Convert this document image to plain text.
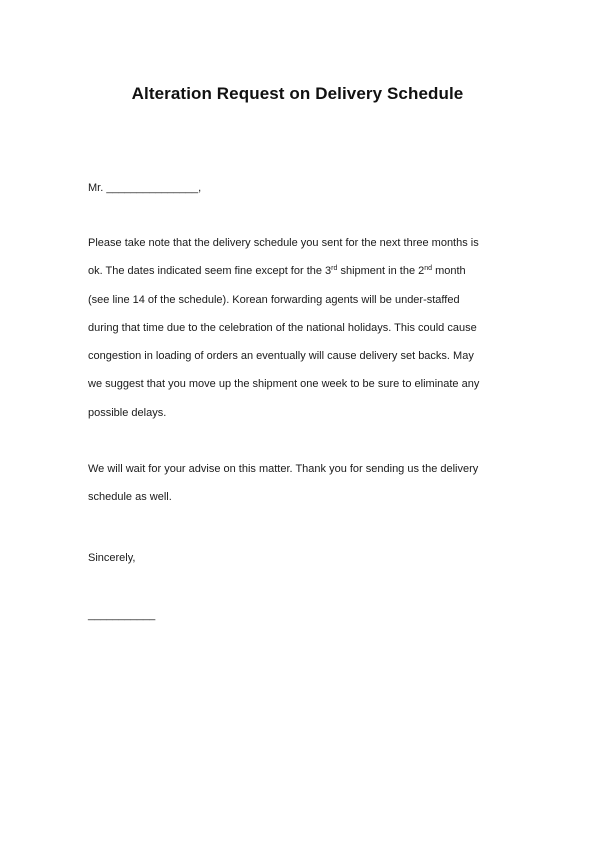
Alteration Request on Delivery Schedule
Mr. _______________,
Please take note that the delivery schedule you sent for the next three months is
ok. The dates indicated seem fine except for the 3rd shipment in the 2nd month
(see line 14 of the schedule). Korean forwarding agents will be under-staffed
during that time due to the celebration of the national holidays. This could cause
congestion in loading of orders an eventually will cause delivery set backs. May
we suggest that you move up the shipment one week to be sure to eliminate any
possible delays.
We will wait for your advise on this matter. Thank you for sending us the delivery
schedule as well.
Sincerely,
___________
